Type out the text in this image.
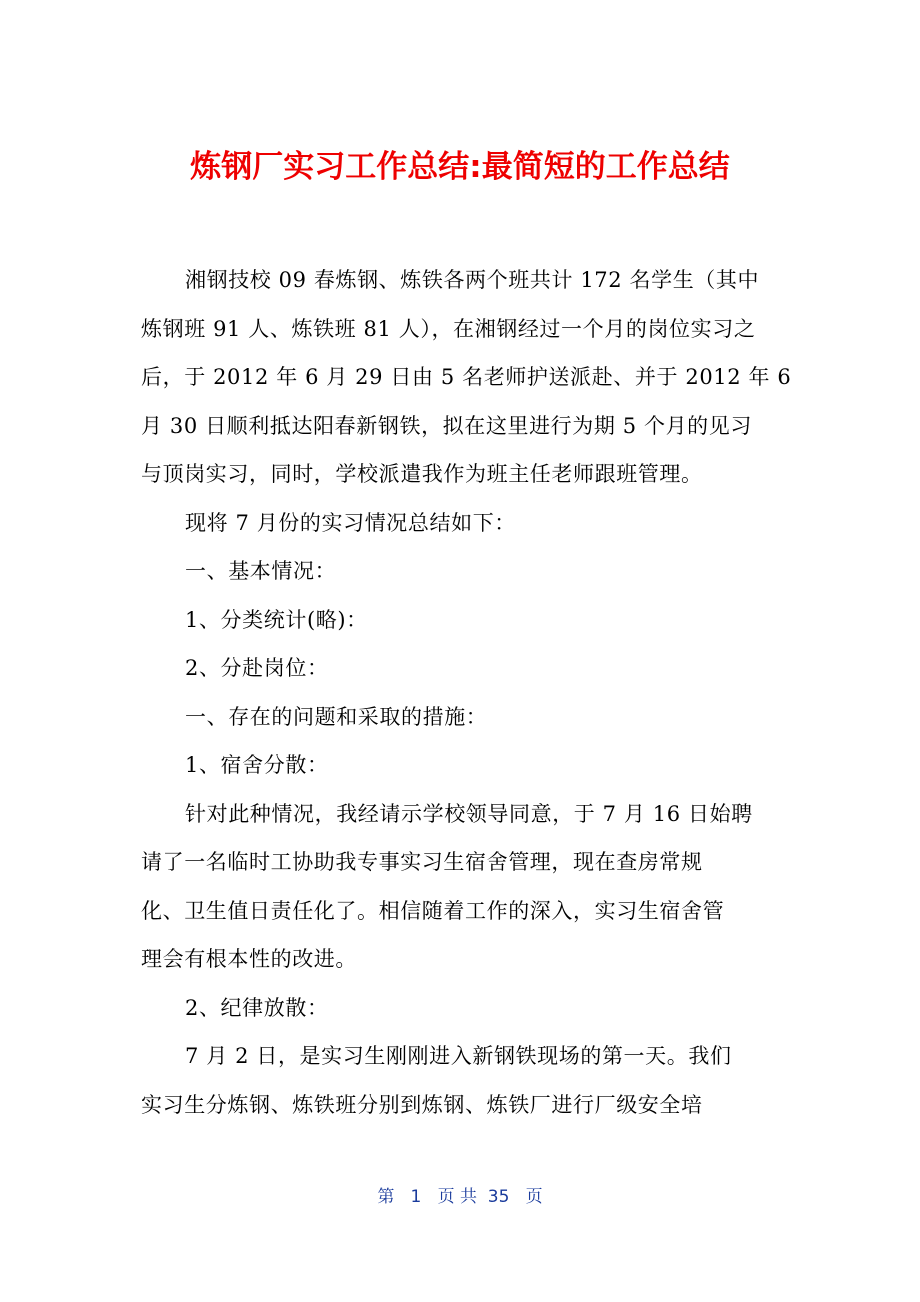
炼钢厂实习工作总结:最简短的工作总结
湘钢技校 09 春炼钢、炼铁各两个班共计 172 名学生（其中
炼钢班 91 人、炼铁班 81 人），在湘钢经过一个月的岗位实习之
后，于 2012 年 6 月 29 日由 5 名老师护送派赴、并于 2012 年 6
月 30 日顺利抵达阳春新钢铁，拟在这里进行为期 5 个月的见习
与顶岗实习，同时，学校派遣我作为班主任老师跟班管理。
现将 7 月份的实习情况总结如下：
一、基本情况：
1、分类统计(略)：
2、分赴岗位：
一、存在的问题和采取的措施：
1、宿舍分散：
针对此种情况，我经请示学校领导同意，于 7 月 16 日始聘
请了一名临时工协助我专事实习生宿舍管理，现在查房常规
化、卫生值日责任化了。相信随着工作的深入，实习生宿舍管
理会有根本性的改进。
2、纪律放散：
7 月 2 日，是实习生刚刚进入新钢铁现场的第一天。我们
实习生分炼钢、炼铁班分别到炼钢、炼铁厂进行厂级安全培
第   1   页 共  35   页
